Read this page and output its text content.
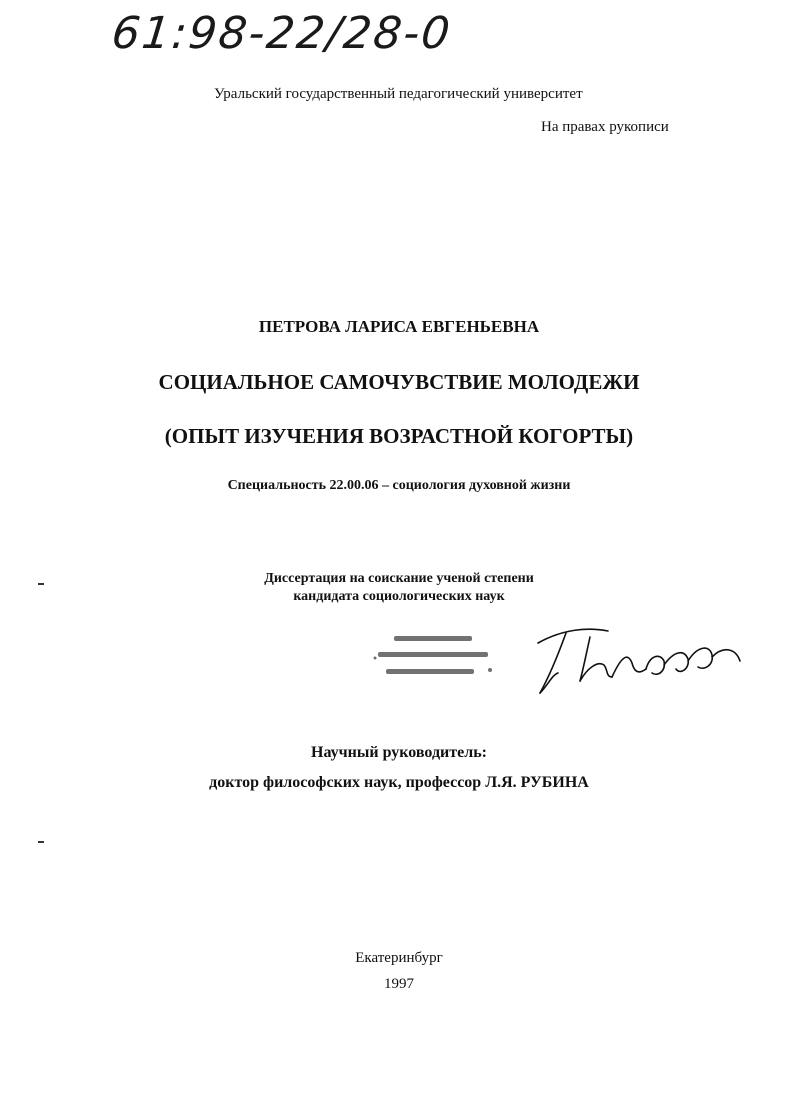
61:98-22/28-0
Уральский государственный педагогический университет
На правах рукописи
ПЕТРОВА ЛАРИСА ЕВГЕНЬЕВНА
СОЦИАЛЬНОЕ САМОЧУВСТВИЕ МОЛОДЕЖИ
(ОПЫТ ИЗУЧЕНИЯ ВОЗРАСТНОЙ КОГОРТЫ)
Специальность 22.00.06 – социология духовной жизни
Диссертация на соискание ученой степени
кандидата социологических наук
Научный руководитель:
доктор философских наук, профессор Л.Я. РУБИНА
Екатеринбург
1997
